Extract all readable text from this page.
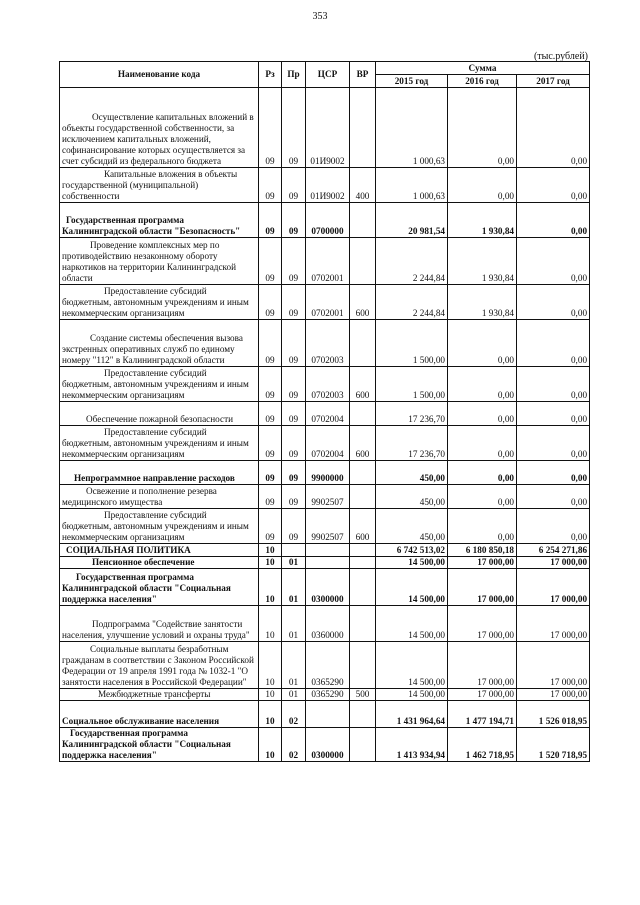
353
(тыс.рублей)
Наименование кода	Рз	Пр	ЦСР	ВР	Сумма		
					2015 год	2016 год	2017 год
Осуществление капитальных вложений в объекты государственной собственности, за исключением капитальных вложений, софинансирование которых осуществляется за счет субсидий из федерального бюджета	09	09	01И9002		1 000,63	0,00	0,00
Капитальные вложения в объекты государственной (муниципальной) собственности	09	09	01И9002	400	1 000,63	0,00	0,00
Государственная программа Калининградской области "Безопасность"	09	09	0700000		20 981,54	1 930,84	0,00
Проведение комплексных мер по противодействию незаконному обороту наркотиков на территории Калининградской области	09	09	0702001		2 244,84	1 930,84	0,00
Предоставление субсидий бюджетным, автономным учреждениям и иным некоммерческим организациям	09	09	0702001	600	2 244,84	1 930,84	0,00
Создание системы обеспечения вызова экстренных оперативных служб по единому номеру "112" в Калининградской области	09	09	0702003		1 500,00	0,00	0,00
Предоставление субсидий бюджетным, автономным учреждениям и иным некоммерческим организациям	09	09	0702003	600	1 500,00	0,00	0,00
Обеспечение пожарной безопасности	09	09	0702004		17 236,70	0,00	0,00
Предоставление субсидий бюджетным, автономным учреждениям и иным некоммерческим организациям	09	09	0702004	600	17 236,70	0,00	0,00
Непрограммное направление расходов	09	09	9900000		450,00	0,00	0,00
Освежение и пополнение резерва медицинского имущества	09	09	9902507		450,00	0,00	0,00
Предоставление субсидий бюджетным, автономным учреждениям и иным некоммерческим организациям	09	09	9902507	600	450,00	0,00	0,00
СОЦИАЛЬНАЯ ПОЛИТИКА	10				6 742 513,02	6 180 850,18	6 254 271,86
Пенсионное обеспечение	10	01			14 500,00	17 000,00	17 000,00
Государственная программа Калининградской области "Социальная поддержка населения"	10	01	0300000		14 500,00	17 000,00	17 000,00
Подпрограмма "Содействие занятости населения, улучшение условий и охраны труда"	10	01	0360000		14 500,00	17 000,00	17 000,00
Социальные выплаты безработным гражданам в соответствии с Законом Российской Федерации от 19 апреля 1991 года № 1032-1 "О занятости населения в Российской Федерации"	10	01	0365290		14 500,00	17 000,00	17 000,00
Межбюджетные трансферты	10	01	0365290	500	14 500,00	17 000,00	17 000,00
Социальное обслуживание населения	10	02			1 431 964,64	1 477 194,71	1 526 018,95
Государственная программа Калининградской области "Социальная поддержка населения"	10	02	0300000		1 413 934,94	1 462 718,95	1 520 718,95
